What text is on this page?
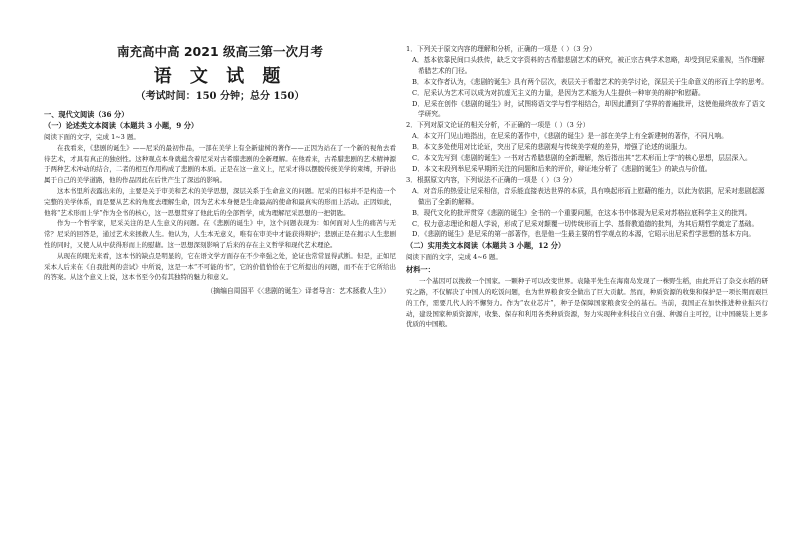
南充高中高 2021 级高三第一次月考
语 文 试 题
（考试时间：150 分钟；总分 150）
一、现代文阅读（36 分）
（一）论述类文本阅读（本题共 3 小题，9 分）
阅读下面的文字，完成 1~3 题。
在我看来，《悲剧的诞生》——尼采的最初作品，一部在美学上有全新建树的著作——正因为站在了一个新的视角去看待艺术，才具有真正的独创性。这种观点本身就蕴含着尼采对古希腊悲剧的全新理解。在他看来，古希腊悲剧的艺术精神源于两种艺术冲动的结合，二者的相互作用构成了悲剧的本质。正是在这一意义上，尼采才得以摆脱传统美学的束缚，开辟出属于自己的美学道路，他的作品因此在后世产生了深远的影响。
这本书里所表露出来的，主要是关于审美和艺术的美学思想，深层关系于生命意义的问题。尼采的目标并不是构造一个完整的美学体系，而是要从艺术的角度去理解生命，因为艺术本身便是生命最高的使命和最真实的形而上活动。正因如此，他将“艺术形而上学”作为全书的核心，这一思想贯穿了他此后的全部哲学，成为理解尼采思想的一把钥匙。
作为一个哲学家，尼采关注的是人生意义的问题。在《悲剧的诞生》中，这个问题表现为：如何面对人生的痛苦与无常？尼采的回答是，通过艺术来拯救人生。他认为，人生本无意义，唯有在审美中才能获得辩护；悲剧正是在揭示人生悲剧性的同时，又使人从中获得形而上的慰藉。这一思想深刻影响了后来的存在主义哲学和现代艺术理论。
从现在的眼光来看，这本书的缺点是明显的，它在语文学方面存在不少牵强之处，论证也常常显得武断。但是，正如尼采本人后来在《自我批判的尝试》中所说，这是一本“不可能的书”，它的价值恰恰在于它所提出的问题，而不在于它所给出的答案。从这个意义上说，这本书至今仍有其独特的魅力和意义。
（摘编自周国平《〈悲剧的诞生〉译者导言：艺术拯救人生》）
1．下列关于原文内容的理解和分析，正确的一项是（ ）（3 分）
A．基本依靠民间口头轶传，缺乏文字资料的古希腊悲剧艺术的研究，被正宗古典学术忽略，却受到尼采重视，当作理解希腊艺术的门径。
B．本文作者认为，《悲剧的诞生》具有两个层次，表层关于希腊艺术的美学讨论，深层关于生命意义的形而上学的思考。
C．尼采认为艺术可以成为对抗虚无主义的力量，是因为艺术能为人生提供一种审美的辩护和慰藉。
D．尼采在创作《悲剧的诞生》时，试图将语文学与哲学相结合，却因此遭到了学界的普遍批评，这使他最终放弃了语文学研究。
2．下列对原文论证的相关分析，不正确的一项是（ ）（3 分）
A．本文开门见山地指出，在尼采的著作中，《悲剧的诞生》是一部在美学上有全新建树的著作，不同凡响。
B．本文多处使用对比论证，突出了尼采的悲剧观与传统美学观的差异，增强了论述的说服力。
C．本文先写到《悲剧的诞生》一书对古希腊悲剧的全新理解，然后指出其“艺术形而上学”的核心思想，层层深入。
D．本文末段列举尼采早期所关注的问题和后来的评价，辩证地分析了《悲剧的诞生》的缺点与价值。
3．根据原文内容，下列说法不正确的一项是（ ）（3 分）
A．对音乐的热爱让尼采相信，音乐能直接表达世界的本质，具有唤起形而上慰藉的能力，以此为依据，尼采对悲剧起源做出了全新的解释。
B．现代文化的批评贯穿《悲剧的诞生》全书的一个重要问题，在这本书中体现为尼采对苏格拉底科学主义的批判。
C．权力意志理论和超人学说，形成了尼采对颠覆一切传统形而上学、基督教道德的批判，为其后期哲学奠定了基础。
D．《悲剧的诞生》是尼采的第一部著作，也是他一生最主要的哲学观点的本源，它昭示出尼采哲学思想的基本方向。
（二）实用类文本阅读（本题共 3 小题，12 分）
阅读下面的文字，完成 4~6 题。
材料一：
一个基因可以挽救一个国家。一颗种子可以改变世界。袁隆平先生在海南岛发现了一株野生稻，由此开启了杂交水稻的研究之路，不仅解决了中国人的吃饭问题，也为世界粮食安全做出了巨大贡献。然而，种质资源的收集和保护是一项长期而艰巨的工作，需要几代人的不懈努力。作为“农业芯片”，种子是保障国家粮食安全的基石。当前，我国正在加快推进种业振兴行动，建设国家种质资源库，收集、保存和利用各类种质资源，努力实现种业科技自立自强、种源自主可控，让中国碗装上更多优质的中国粮。
